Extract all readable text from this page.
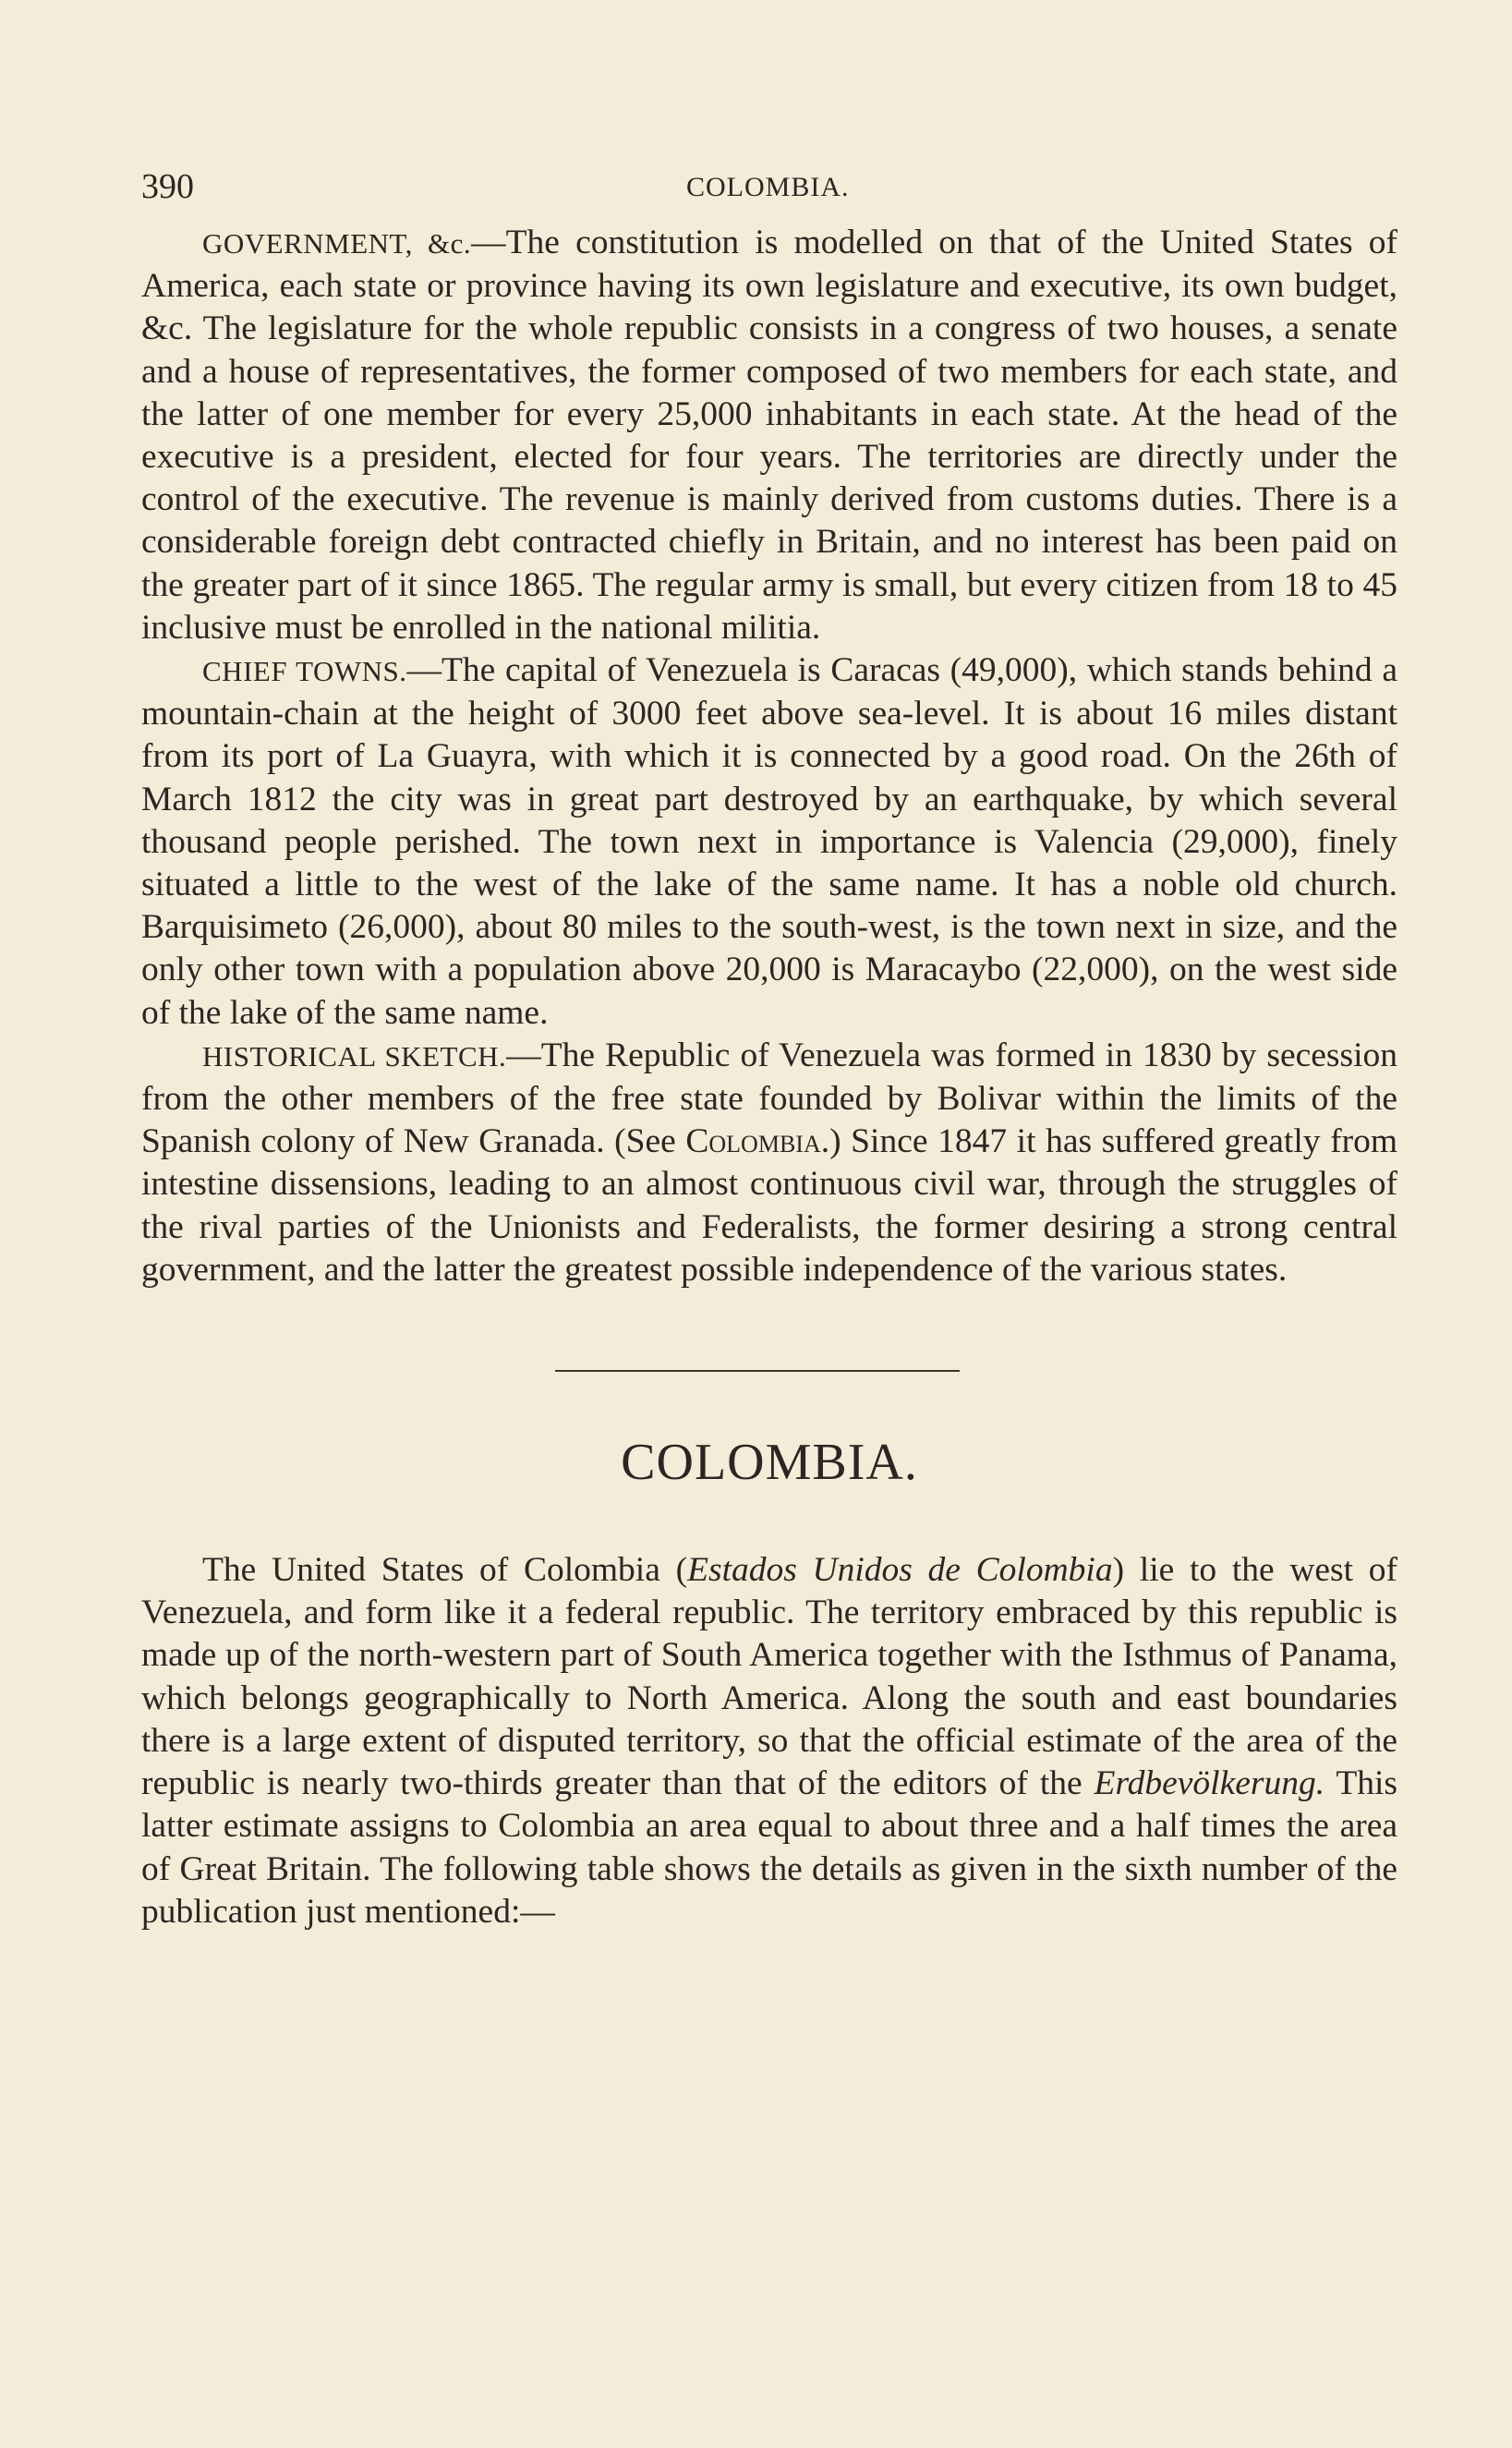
390	COLOMBIA.

GOVERNMENT, &c.—The constitution is modelled on that of the United States of America, each state or province having its own legislature and executive, its own budget, &c. The legislature for the whole republic consists in a congress of two houses, a senate and a house of representatives, the former composed of two members for each state, and the latter of one member for every 25,000 inhabitants in each state. At the head of the executive is a president, elected for four years. The territories are directly under the control of the executive. The revenue is mainly derived from customs duties. There is a considerable foreign debt contracted chiefly in Britain, and no interest has been paid on the greater part of it since 1865. The regular army is small, but every citizen from 18 to 45 inclusive must be enrolled in the national militia.

CHIEF TOWNS.—The capital of Venezuela is Caracas (49,000), which stands behind a mountain-chain at the height of 3000 feet above sea-level. It is about 16 miles distant from its port of La Guayra, with which it is connected by a good road. On the 26th of March 1812 the city was in great part destroyed by an earthquake, by which several thousand people perished. The town next in importance is Valencia (29,000), finely situated a little to the west of the lake of the same name. It has a noble old church. Barquisimeto (26,000), about 80 miles to the south-west, is the town next in size, and the only other town with a population above 20,000 is Maracaybo (22,000), on the west side of the lake of the same name.

HISTORICAL SKETCH.—The Republic of Venezuela was formed in 1830 by secession from the other members of the free state founded by Bolivar within the limits of the Spanish colony of New Granada. (See Colombia.) Since 1847 it has suffered greatly from intestine dissensions, leading to an almost continuous civil war, through the struggles of the rival parties of the Unionists and Federalists, the former desiring a strong central government, and the latter the greatest possible independence of the various states.

COLOMBIA.

The United States of Colombia (Estados Unidos de Colombia) lie to the west of Venezuela, and form like it a federal republic. The territory embraced by this republic is made up of the north-western part of South America together with the Isthmus of Panama, which belongs geographically to North America. Along the south and east boundaries there is a large extent of disputed territory, so that the official estimate of the area of the republic is nearly two-thirds greater than that of the editors of the Erdbevölkerung. This latter estimate assigns to Colombia an area equal to about three and a half times the area of Great Britain. The following table shows the details as given in the sixth number of the publication just mentioned:—
